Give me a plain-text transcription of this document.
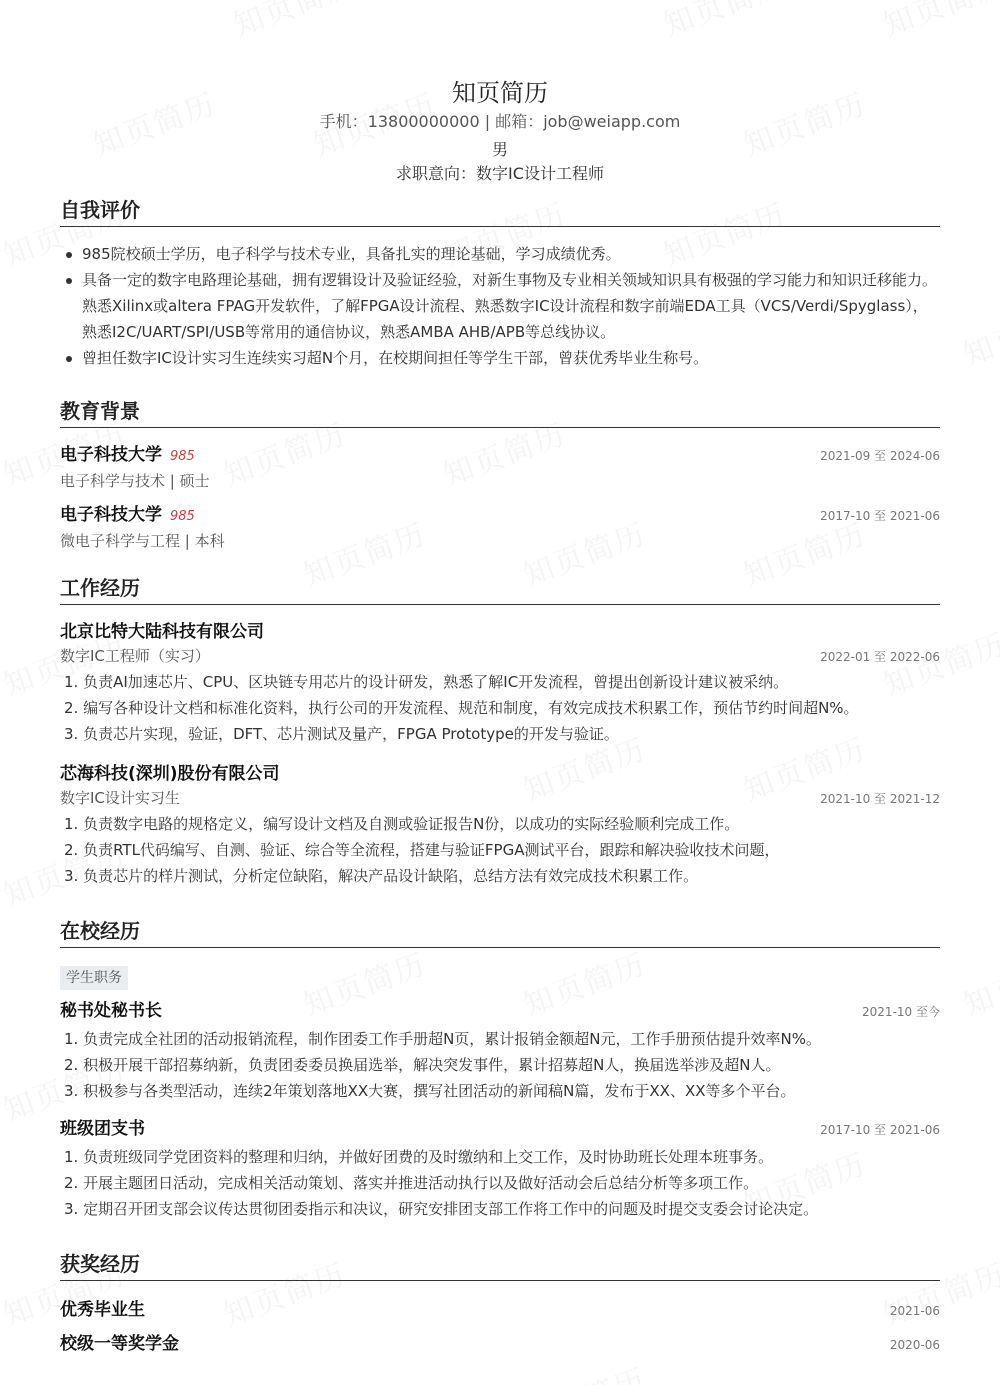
知页简历
手机：13800000000 | 邮箱：job@weiapp.com
男
求职意向：数字IC设计工程师
自我评价
985院校硕士学历，电子科学与技术专业，具备扎实的理论基础，学习成绩优秀。
具备一定的数字电路理论基础，拥有逻辑设计及验证经验，对新生事物及专业相关领域知识具有极强的学习能力和知识迁移能力。熟悉Xilinx或altera FPAG开发软件，了解FPGA设计流程、熟悉数字IC设计流程和数字前端EDA工具（VCS/Verdi/Spyglass），熟悉I2C/UART/SPI/USB等常用的通信协议，熟悉AMBA AHB/APB等总线协议。
曾担任数字IC设计实习生连续实习超N个月，在校期间担任等学生干部，曾获优秀毕业生称号。
教育背景
电子科技大学 985	2021-09 至 2024-06
电子科学与技术 | 硕士
电子科技大学 985	2017-10 至 2021-06
微电子科学与工程 | 本科
工作经历
北京比特大陆科技有限公司
数字IC工程师（实习）	2022-01 至 2022-06
1. 负责AI加速芯片、CPU、区块链专用芯片的设计研发，熟悉了解IC开发流程，曾提出创新设计建议被采纳。
2. 编写各种设计文档和标准化资料，执行公司的开发流程、规范和制度，有效完成技术积累工作，预估节约时间超N%。
3. 负责芯片实现，验证，DFT、芯片测试及量产，FPGA Prototype的开发与验证。
芯海科技(深圳)股份有限公司
数字IC设计实习生	2021-10 至 2021-12
1. 负责数字电路的规格定义，编写设计文档及自测或验证报告N份，以成功的实际经验顺利完成工作。
2. 负责RTL代码编写、自测、验证、综合等全流程，搭建与验证FPGA测试平台，跟踪和解决验收技术问题，
3. 负责芯片的样片测试，分析定位缺陷，解决产品设计缺陷，总结方法有效完成技术积累工作。
在校经历
学生职务
秘书处秘书长	2021-10 至今
1. 负责完成全社团的活动报销流程，制作团委工作手册超N页，累计报销金额超N元，工作手册预估提升效率N%。
2. 积极开展干部招募纳新，负责团委委员换届选举，解决突发事件，累计招募超N人，换届选举涉及超N人。
3. 积极参与各类型活动，连续2年策划落地XX大赛，撰写社团活动的新闻稿N篇，发布于XX、XX等多个平台。
班级团支书	2017-10 至 2021-06
1. 负责班级同学党团资料的整理和归纳，并做好团费的及时缴纳和上交工作，及时协助班长处理本班事务。
2. 开展主题团日活动，完成相关活动策划、落实并推进活动执行以及做好活动会后总结分析等多项工作。
3. 定期召开团支部会议传达贯彻团委指示和决议，研究安排团支部工作将工作中的问题及时提交支委会讨论决定。
获奖经历
优秀毕业生	2021-06
校级一等奖学金	2020-06
